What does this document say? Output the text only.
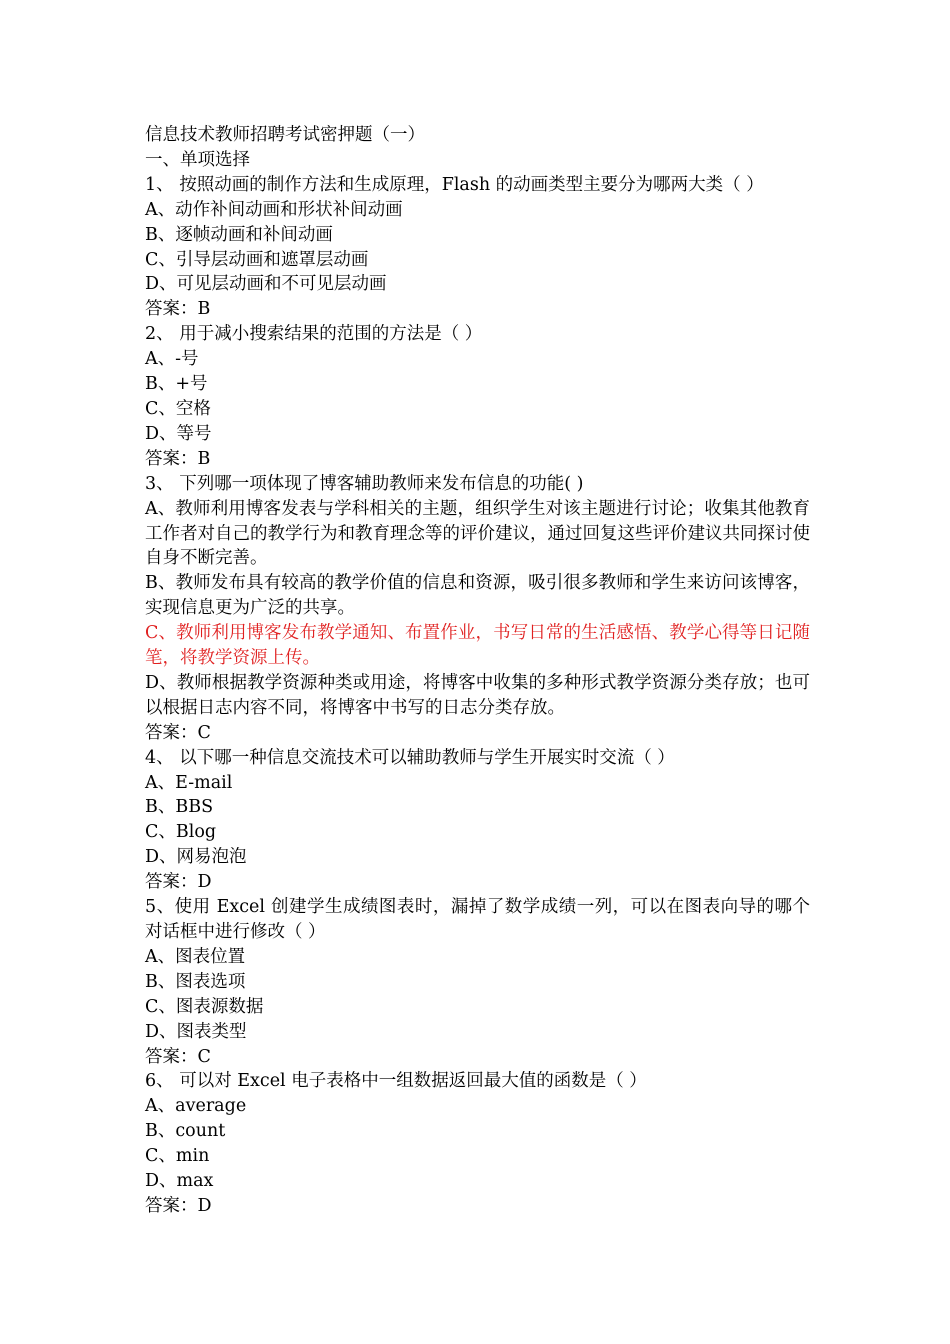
信息技术教师招聘考试密押题（一）
一、单项选择
1、 按照动画的制作方法和生成原理，Flash 的动画类型主要分为哪两大类（ ）
A、动作补间动画和形状补间动画
B、逐帧动画和补间动画
C、引导层动画和遮罩层动画
D、可见层动画和不可见层动画
答案：B
2、 用于减小搜索结果的范围的方法是（ ）
A、-号
B、+号
C、空格
D、等号
答案：B
3、 下列哪一项体现了博客辅助教师来发布信息的功能( )
A、教师利用博客发表与学科相关的主题，组织学生对该主题进行讨论；收集其他教育工作者对自己的教学行为和教育理念等的评价建议，通过回复这些评价建议共同探讨使自身不断完善。
B、教师发布具有较高的教学价值的信息和资源，吸引很多教师和学生来访问该博客，实现信息更为广泛的共享。
C、教师利用博客发布教学通知、布置作业，书写日常的生活感悟、教学心得等日记随笔，将教学资源上传。
D、教师根据教学资源种类或用途，将博客中收集的多种形式教学资源分类存放；也可以根据日志内容不同，将博客中书写的日志分类存放。
答案：C
4、 以下哪一种信息交流技术可以辅助教师与学生开展实时交流（ ）
A、E-mail
B、BBS
C、Blog
D、网易泡泡
答案：D
5、使用 Excel 创建学生成绩图表时，漏掉了数学成绩一列，可以在图表向导的哪个对话框中进行修改（ ）
A、图表位置
B、图表选项
C、图表源数据
D、图表类型
答案：C
6、 可以对 Excel 电子表格中一组数据返回最大值的函数是（ ）
A、average
B、count
C、min
D、max
答案：D
